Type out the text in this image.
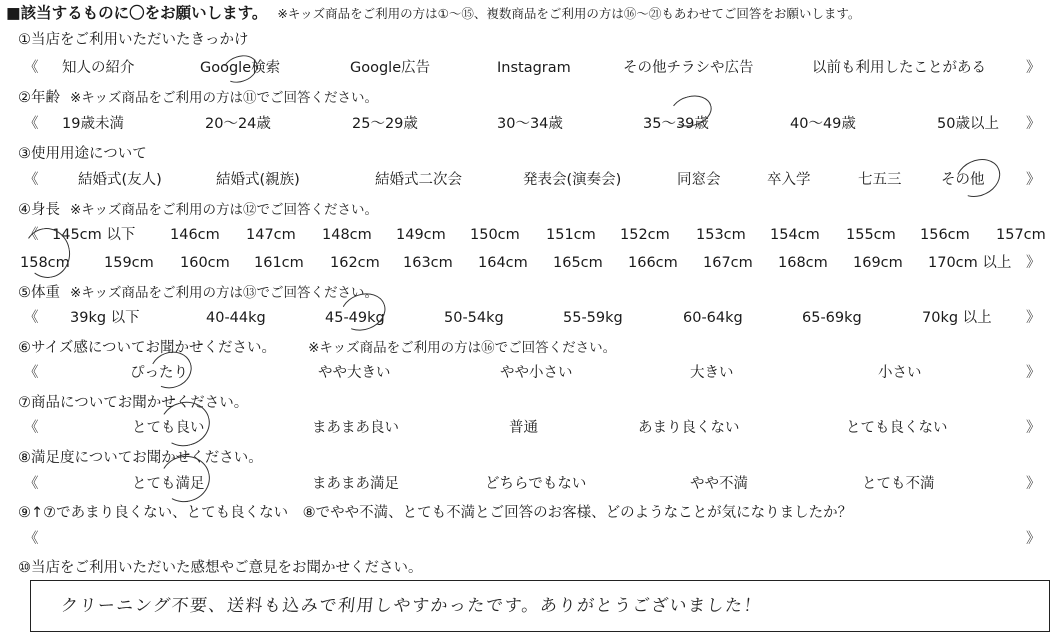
■該当するものに〇をお願いします。 ※キッズ商品をご利用の方は①～⑮、複数商品をご利用の方は⑯～㉑もあわせてご回答をお願いします。
①当店をご利用いただいたきっかけ
《 知人の紹介	Google検索	Google広告	Instagram	その他チラシや広告	以前も利用したことがある	》
②年齢 ※キッズ商品をご利用の方は⑪でご回答ください。
《 19歳未満	20～24歳	25～29歳	30～34歳	35～39歳	40～49歳	50歳以上 》
③使用用途について
《	結婚式(友人)	結婚式(親族)	結婚式二次会	発表会(演奏会)	同窓会	卒入学	七五三	その他	》
④身長 ※キッズ商品をご利用の方は⑫でご回答ください。
《 145cm 以下 146cm 147cm 148cm 149cm 150cm 151cm 152cm 153cm 154cm 155cm 156cm 157cm
158cm 159cm 160cm 161cm 162cm 163cm 164cm 165cm 166cm 167cm 168cm 169cm 170cm 以上 》
⑤体重 ※キッズ商品をご利用の方は⑬でご回答ください。
《 39kg 以下	40-44kg	45-49kg	50-54kg	55-59kg	60-64kg	65-69kg	70kg 以上 》
⑥サイズ感についてお聞かせください。 ※キッズ商品をご利用の方は⑯でご回答ください。
《	ぴったり	やや大きい	やや小さい	大きい	小さい	》
⑦商品についてお聞かせください。
《	とても良い	まあまあ良い	普通	あまり良くない	とても良くない	》
⑧満足度についてお聞かせください。
《	とても満足	まあまあ満足	どちらでもない	やや不満	とても不満	》
⑨↑⑦であまり良くない、とても良くない　⑧でやや不満、とても不満とご回答のお客様、どのようなことが気になりましたか？
《	》
⑩当店をご利用いただいた感想やご意見をお聞かせください。
クリーニング不要、送料も込みで利用しやすかったです。ありがとうございました！
